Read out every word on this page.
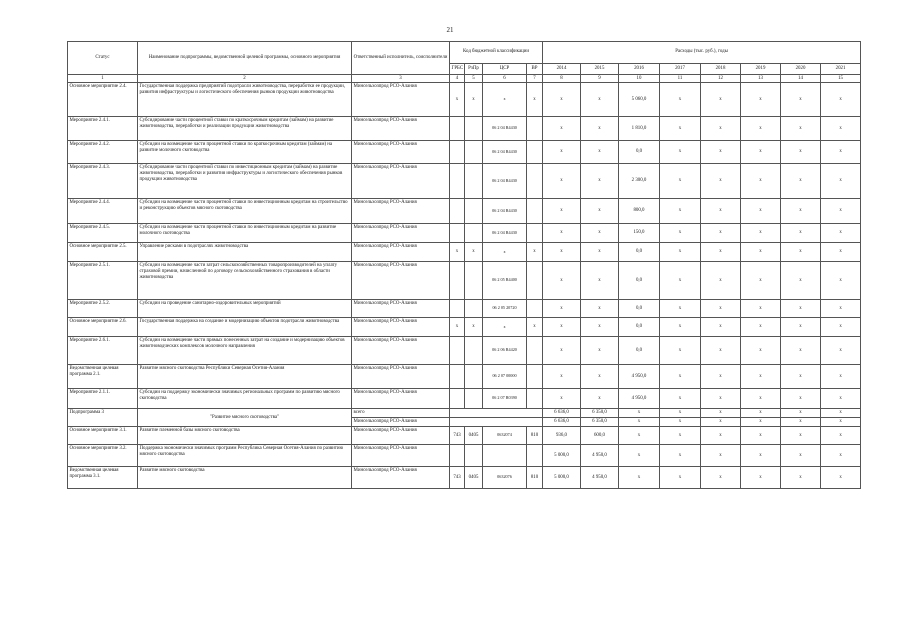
21
Статус	Наименование подпрограммы, ведомственной целевой программы, основного мероприятия	Ответственный исполнитель, соисполнители	Код бюджетной классификации				Расходы (тыс. руб.), годы							
			ГРБС	РзПр	ЦСР	ВР	2014	2015	2016	2017	2018	2019	2020	2021
1	2	3	4	5	6	7	8	9	10	11	12	13	14	15
Основное мероприятие 2.4.	Государственная поддержка предприятий подотрасли животноводства, переработки ее продукции, развития инфраструктуры и логистического обеспечения рынков продукции животноводства	Минсельхозпрод РСО-Алания	x	x	x	x	x	x	5 060,0	x	x	x	x	x
Мероприятие 2.4.1.	Субсидирование части процентной ставки по краткосрочным кредитам (займам) на развитие животноводства, переработки и реализации продукции животноводства	Минсельхозпрод РСО-Алания			06 2 04 R4430		x	x	1 810,0	x	x	x	x	x
Мероприятие 2.4.2.	Субсидии на возмещение части процентной ставки по краткосрочным кредитам (займам) на развитие молочного скотоводства	Минсельхозпрод РСО-Алания			06 2 04 R4430		x	x	0,0	x	x	x	x	x
Мероприятие 2.4.3.	Субсидирование части процентной ставки по инвестиционным кредитам (займам) на развитие животноводства, переработки и развития инфраструктуры и логистического обеспечения рынков продукции животноводства	Минсельхозпрод РСО-Алания			06 2 04 R4430		x	x	2 300,0	x	x	x	x	x
Мероприятие 2.4.4.	Субсидии на возмещение части процентной ставки по инвестиционным кредитам на строительство и реконструкцию объектов мясного скотоводства	Минсельхозпрод РСО-Алания			06 2 04 R4430		x	x	800,0	x	x	x	x	x
Мероприятие 2.4.5.	Субсидии на возмещение части процентной ставки по инвестиционным кредитам на развитие молочного скотоводства	Минсельхозпрод РСО-Алания			06 2 04 R4430		x	x	150,0	x	x	x	x	x
Основное мероприятие 2.5.	Управление рисками в подотраслях животноводства	Минсельхозпрод РСО-Алания	x	x	x	x	x	x	0,0	x	x	x	x	x
Мероприятие 2.5.1.	Субсидии на возмещение части затрат сельскохозяйственных товаропроизводителей на уплату страховой премии, начисленной по договору сельскохозяйственного страхования в области животноводства	Минсельхозпрод РСО-Алания			06 2 05 R4400		x	x	0,0	x	x	x	x	x
Мероприятие 2.5.2.	Субсидии на проведение санитарно-оздоровительных мероприятий	Минсельхозпрод РСО-Алания			06 2 05 20720		x	x	0,0	x	x	x	x	x
Основное мероприятие 2.6.	Государственная поддержка на создание и модернизацию объектов подотрасли животноводства	Минсельхозпрод РСО-Алания	x	x	x	x	x	x	0,0	x	x	x	x	x
Мероприятие 2.6.1.	Субсидии на возмещение части прямых понесенных затрат на создание и модернизацию объектов животноводческих комплексов молочного направления	Минсельхозпрод РСО-Алания			06 2 06 R4420		x	x	0,0	x	x	x	x	x
Ведомственная целевая программа 2.1.	Развитие мясного скотоводства Республики Северная Осетия-Алания	Минсельхозпрод РСО-Алания			06 2 07 00000		x	x	4 950,0	x	x	x	x	x
Мероприятие 2.1.1.	Субсидии на поддержку экономически значимых региональных программ по развитию мясного скотоводства	Минсельхозпрод РСО-Алания			06 2 07 R0390		x	x	4 950,0	x	x	x	x	x
Подпрограмма 3	"Развитие мясного скотоводства"	всего					6 636,0	6 350,0	x	x	x	x	x	x
		Минсельхозпрод РСО-Алания					6 636,0	6 350,0	x	x	x	x	x	x
Основное мероприятие 3.1.	Развитие племенной базы мясного скотоводства	Минсельхозпрод РСО-Алания	743	0405	0632074	810	936,0	600,0	x	x	x	x	x	x
Основное мероприятие 3.2.	Поддержка экономически значимых программ Республика Северная Осетия-Алания по развитию мясного скотоводства	Минсельхозпрод РСО-Алания					5 000,0	4 950,0	x	x	x	x	x	x
Ведомственная целевая программа 3.1.	Развитие мясного скотоводства	Минсельхозпрод РСО-Алания	743	0405	0632076	810	5 000,0	4 950,0	x	x	x	x	x	x
